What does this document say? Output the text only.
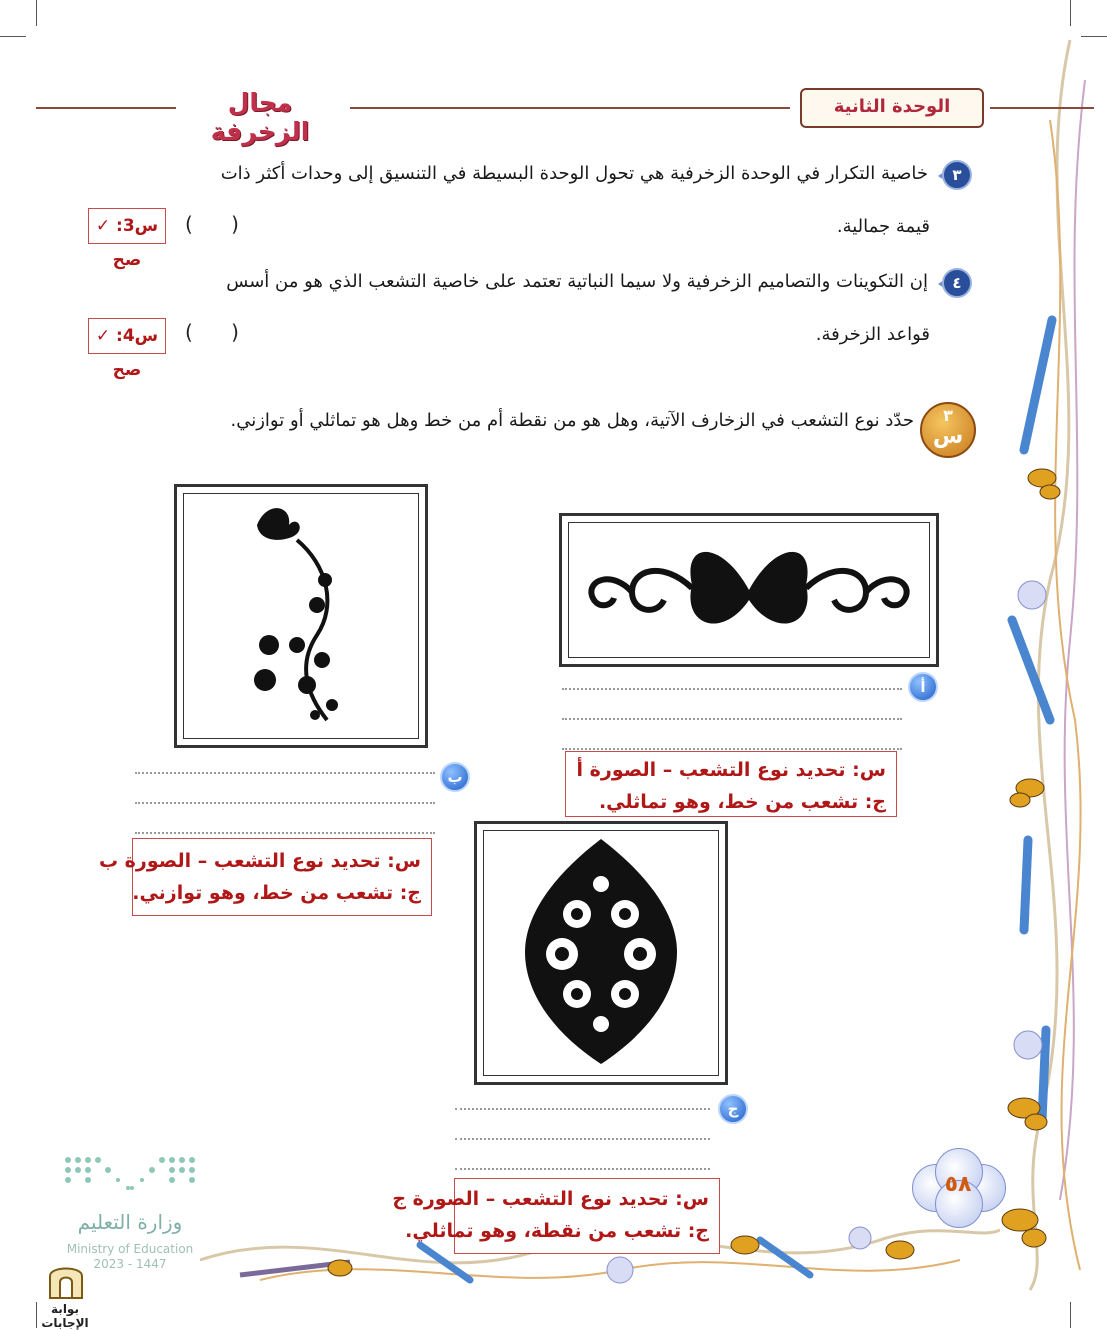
مجال الزخرفة
الوحدة الثانية
٣
خاصية التكرار في الوحدة الزخرفية هي تحول الوحدة البسيطة في التنسيق إلى وحدات أكثر ذات
قيمة جمالية.
( )
س3: ✓ صح
٤
إن التكوينات والتصاميم الزخرفية ولا سيما النباتية تعتمد على خاصية التشعب الذي هو من أسس
قواعد الزخرفة.
( )
س4: ✓ صح
٣
س
حدّد نوع التشعب في الزخارف الآتية، وهل هو من نقطة أم من خط وهل هو تماثلي أو توازني.
أ
س: تحديد نوع التشعب – الصورة أ
ج: تشعب من خط، وهو تماثلي.
ب
س: تحديد نوع التشعب – الصورة ب
ج: تشعب من خط، وهو توازني.
ج
س: تحديد نوع التشعب – الصورة ج
ج: تشعب من نقطة، وهو تماثلي.
٥٨
وزارة التعليم
Ministry of Education
2023 - 1447
بوابة الإجابات
